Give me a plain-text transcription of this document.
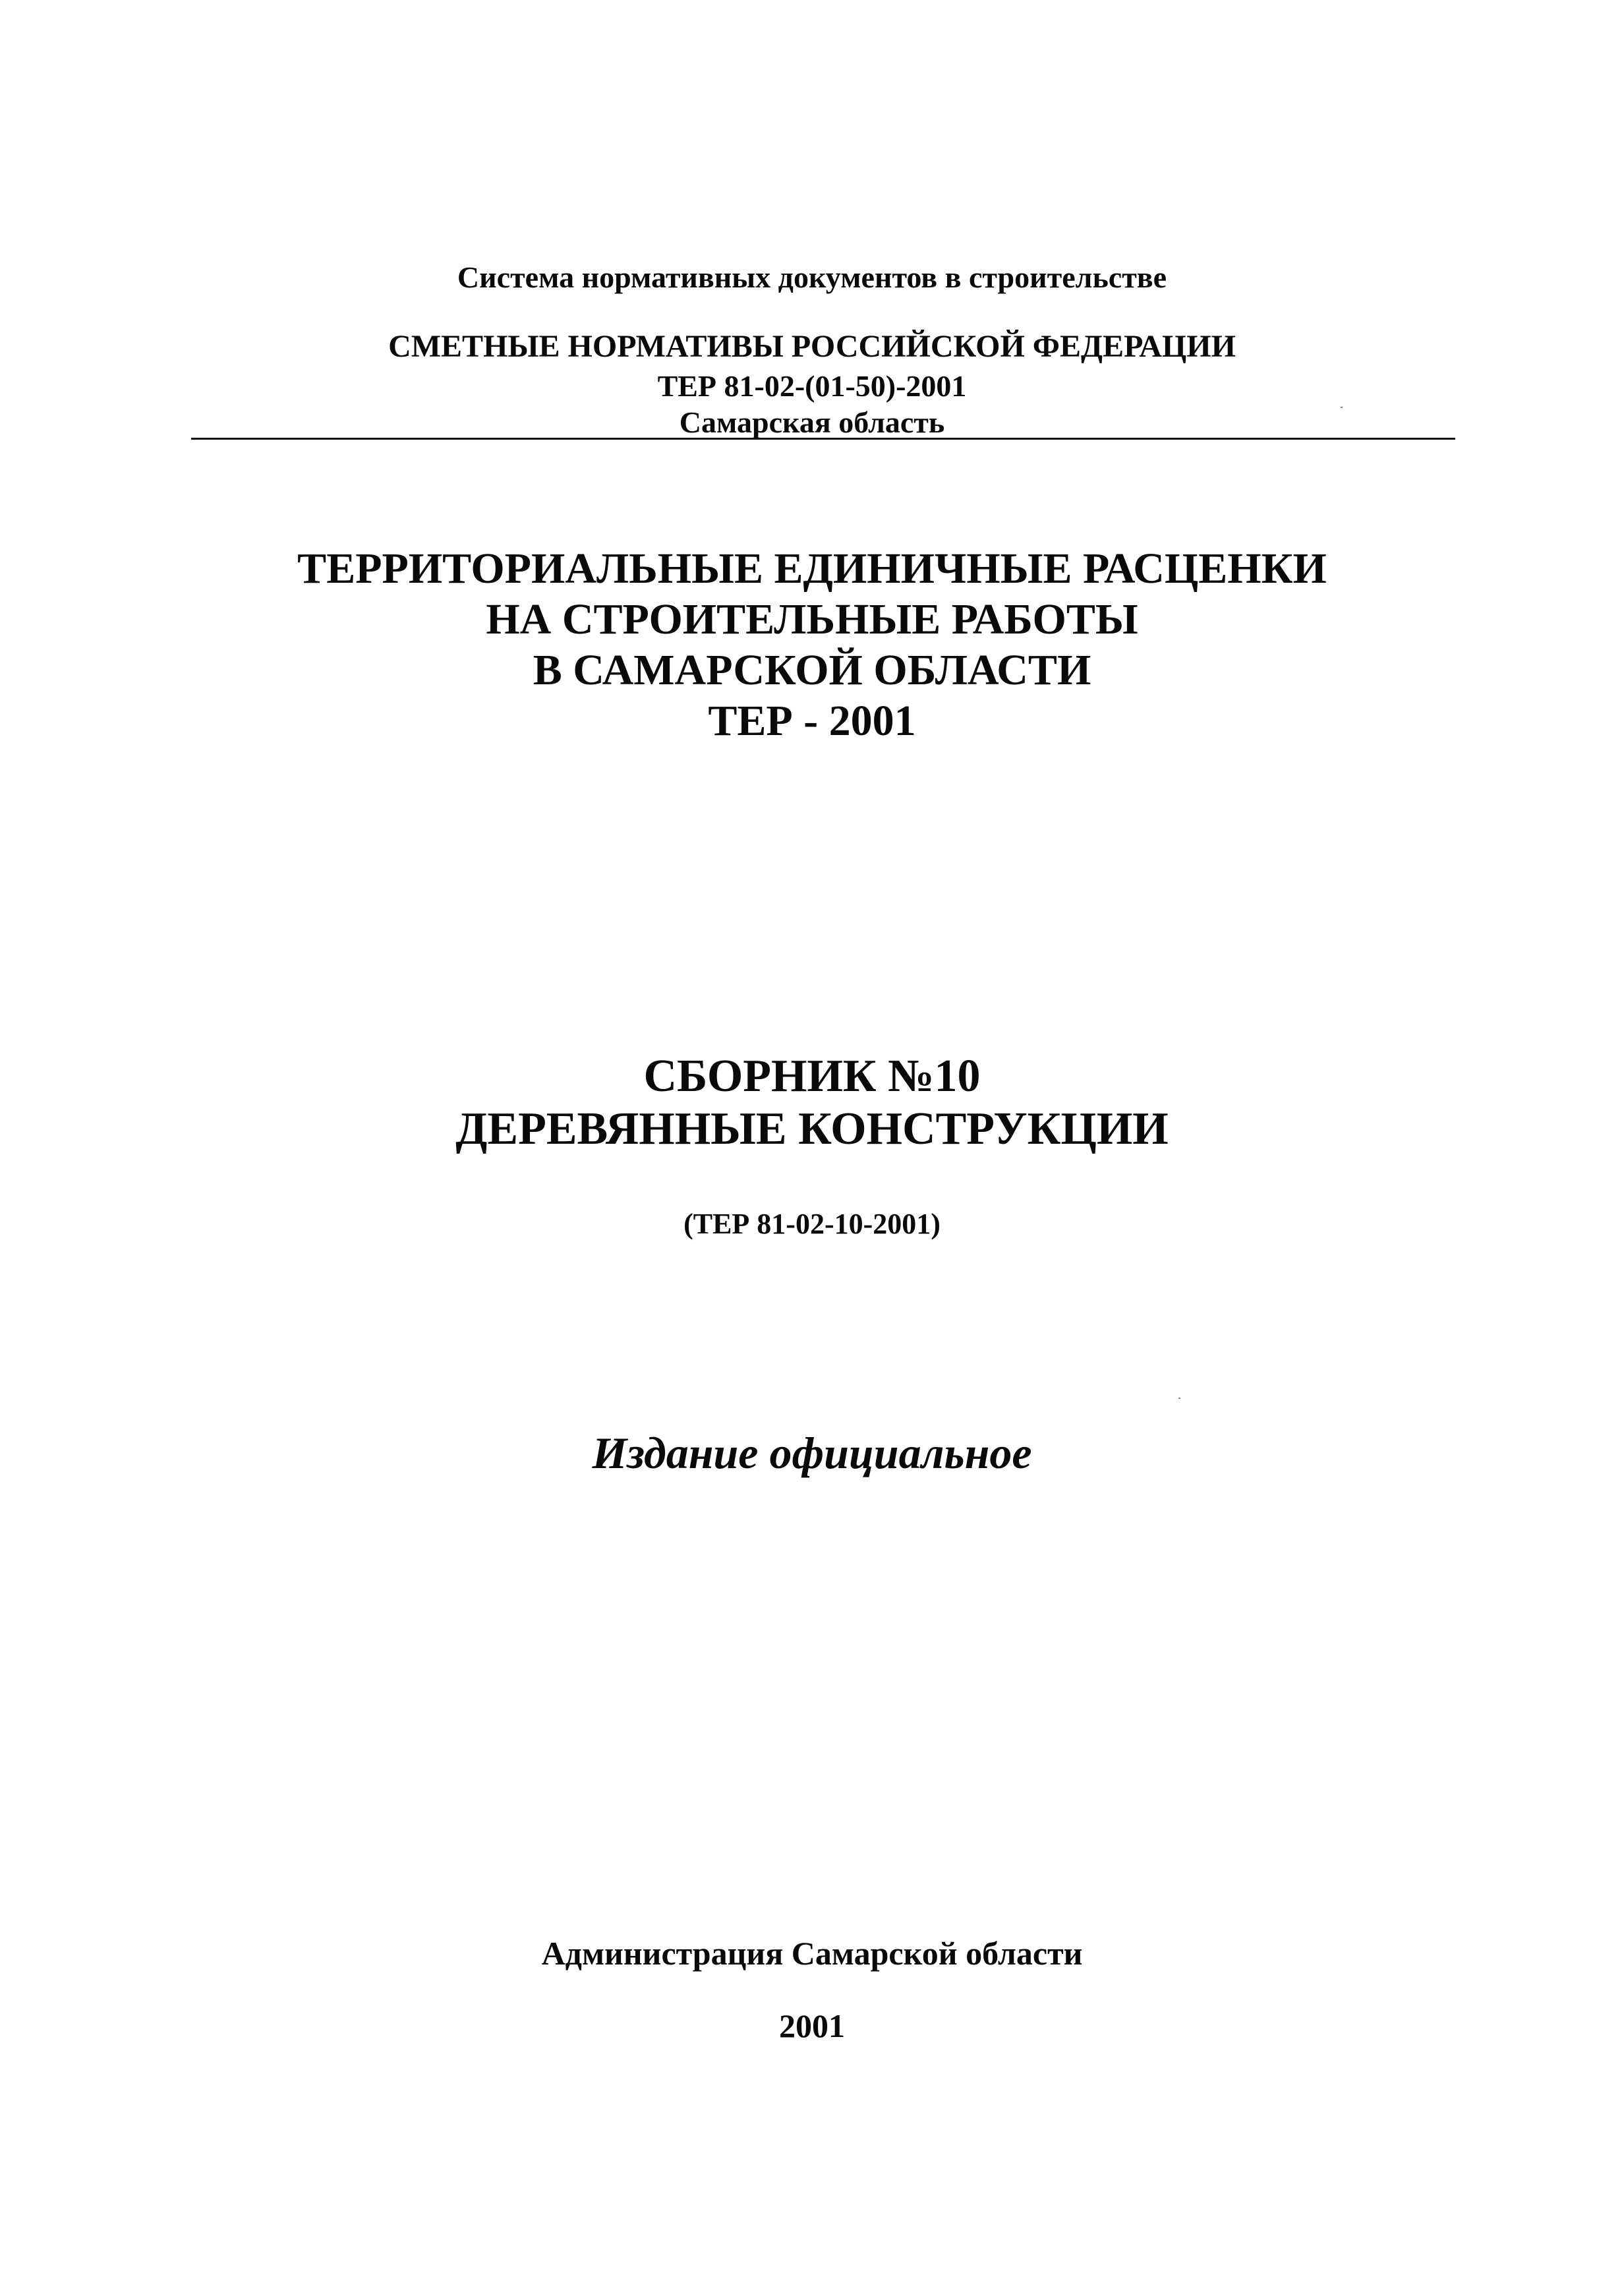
Система нормативных документов в строительстве
СМЕТНЫЕ НОРМАТИВЫ РОССИЙСКОЙ ФЕДЕРАЦИИ
ТЕР 81-02-(01-50)-2001
Самарская область
ТЕРРИТОРИАЛЬНЫЕ ЕДИНИЧНЫЕ РАСЦЕНКИ
НА СТРОИТЕЛЬНЫЕ РАБОТЫ
В САМАРСКОЙ ОБЛАСТИ
ТЕР - 2001
СБОРНИК №10
ДЕРЕВЯННЫЕ КОНСТРУКЦИИ
(ТЕР 81-02-10-2001)
Издание официальное
Администрация Самарской области
2001
